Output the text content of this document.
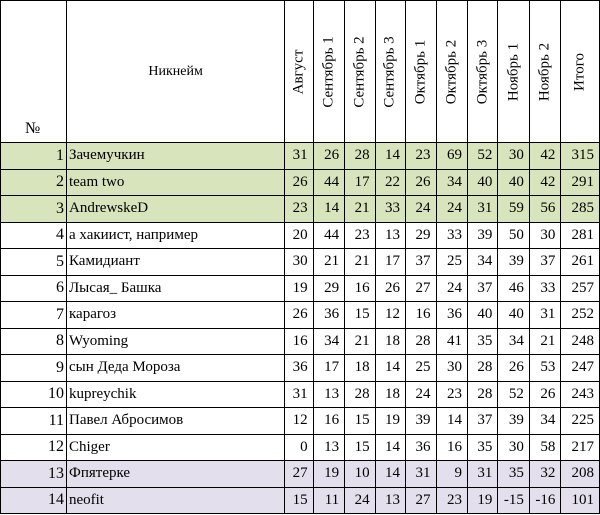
№	Никнейм	Август	Сентябрь 1	Сентябрь 2	Сентябрь 3	Октябрь 1	Октябрь 2	Октябрь 3	Ноябрь 1	Ноябрь 2	Итого

1	Зачемучкин	31	26	28	14	23	69	52	30	42	315
2	team two	26	44	17	22	26	34	40	40	42	291
3	AndrewskeD	23	14	21	33	24	24	31	59	56	285
4	а хакиист, например	20	44	23	13	29	33	39	50	30	281
5	Камидиант	30	21	21	17	37	25	34	39	37	261
6	Лысая_ Башка	19	29	16	26	27	24	37	46	33	257
7	карагоз	26	36	15	12	16	36	40	40	31	252
8	Wyoming	16	34	21	18	28	41	35	34	21	248
9	сын Деда Мороза	36	17	18	14	25	30	28	26	53	247
10	kupreychik	31	13	28	18	24	23	28	52	26	243
11	Павел Абросимов	12	16	15	19	39	14	37	39	34	225
12	Chiger	0	13	15	14	36	16	35	30	58	217
13	Фпятерке	27	19	10	14	31	9	31	35	32	208
14	neofit	15	11	24	13	27	23	19	-15	-16	101
